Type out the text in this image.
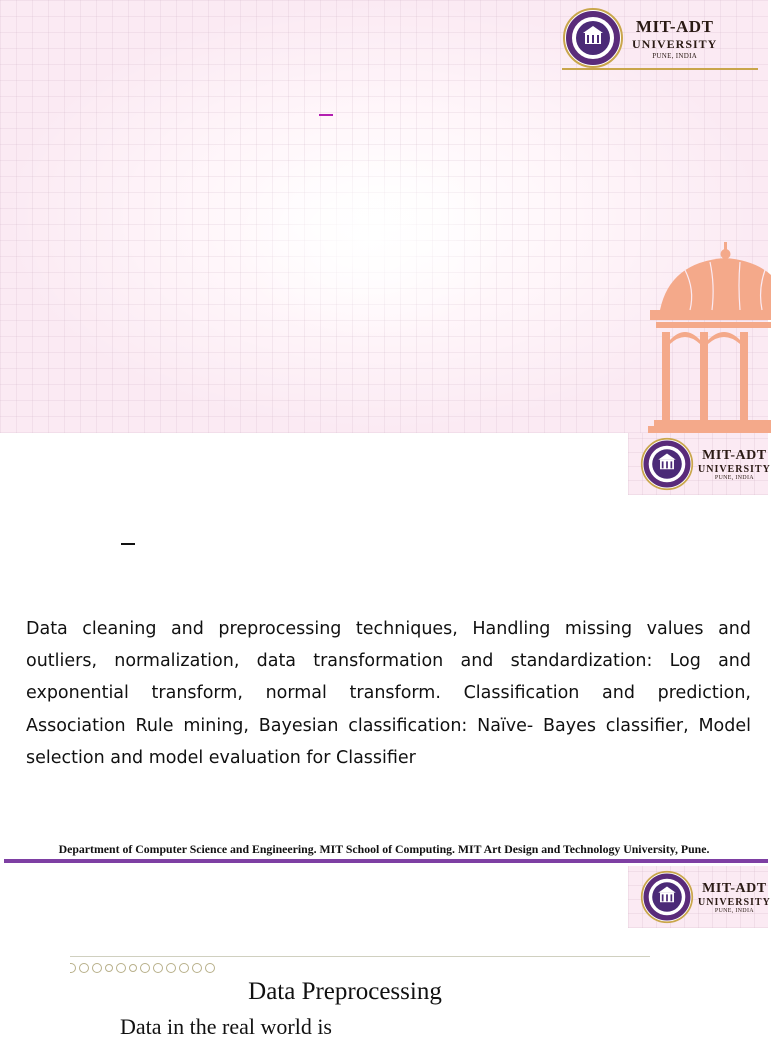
MIT-ADT
UNIVERSITY
PUNE, INDIA
MIT-ADT
UNIVERSITY
PUNE, INDIA

Data cleaning and preprocessing techniques, Handling missing values and outliers, normalization, data transformation and standardization: Log and exponential transform, normal transform. Classification and prediction, Association Rule mining, Bayesian classification: Naïve- Bayes classifier, Model selection and model evaluation for Classifier

Department of Computer Science and Engineering. MIT School of Computing. MIT Art Design and Technology University, Pune.
MIT-ADT
UNIVERSITY
PUNE, INDIA
Data Preprocessing
Data in the real world is
